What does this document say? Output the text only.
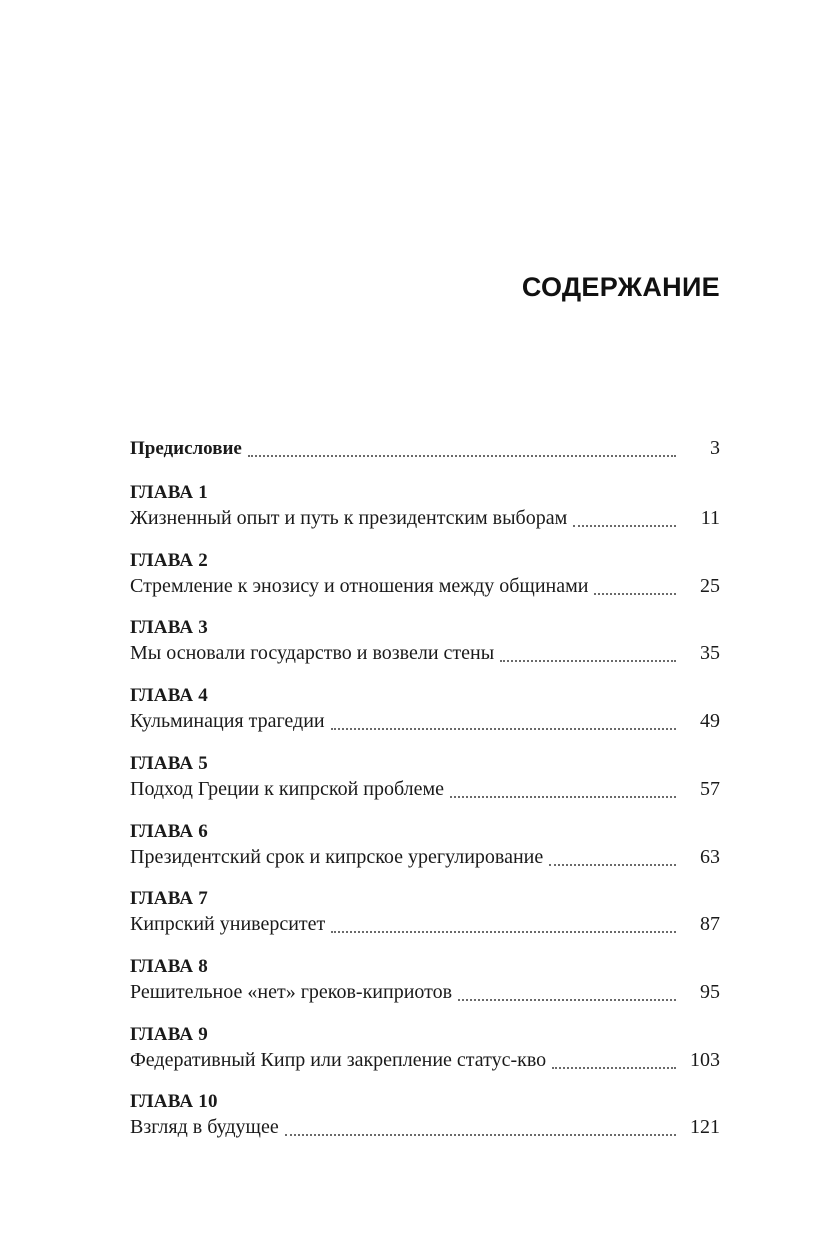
СОДЕРЖАНИЕ
Предисловие	3
ГЛАВА 1
Жизненный опыт и путь к президентским выборам	11
ГЛАВА 2
Стремление к энозису и отношения между общинами	25
ГЛАВА 3
Мы основали государство и возвели стены	35
ГЛАВА 4
Кульминация трагедии	49
ГЛАВА 5
Подход Греции к кипрской проблеме	57
ГЛАВА 6
Президентский срок и кипрское урегулирование	63
ГЛАВА 7
Кипрский университет	87
ГЛАВА 8
Решительное «нет» греков-киприотов	95
ГЛАВА 9
Федеративный Кипр или закрепление статус-кво	103
ГЛАВА 10
Взгляд в будущее	121
